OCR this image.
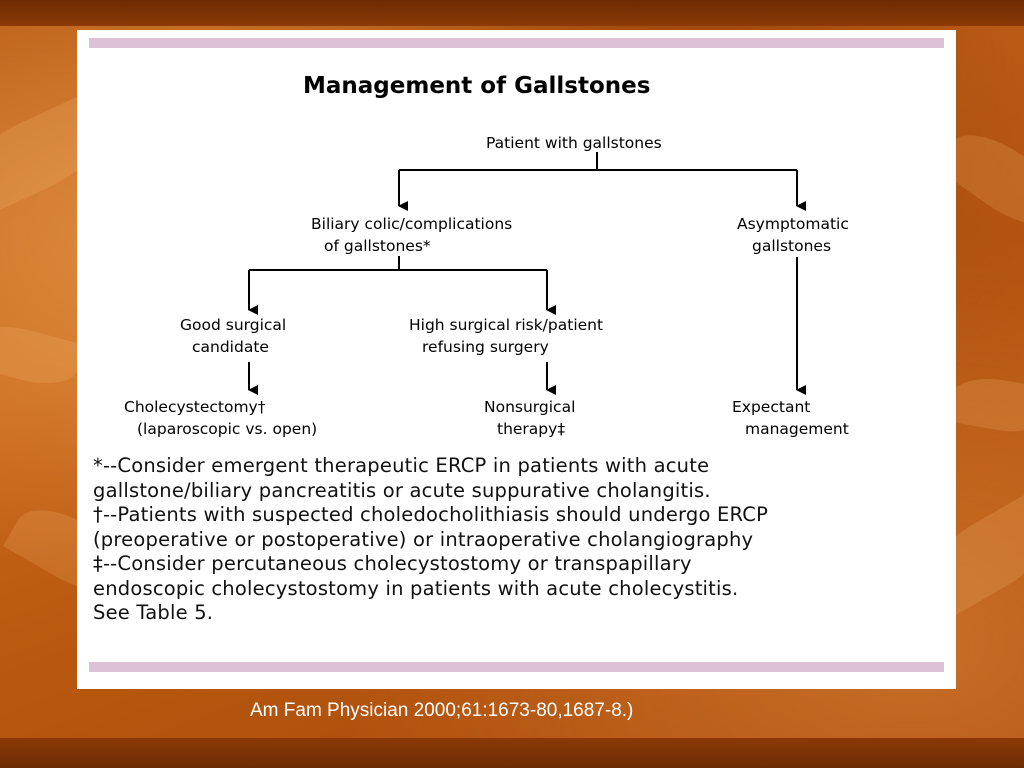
Management of Gallstones
Patient with gallstones
Biliary colic/complications of gallstones*
Asymptomatic gallstones
Good surgical candidate
High surgical risk/patient refusing surgery
Cholecystectomy† (laparoscopic vs. open)
Nonsurgical therapy‡
Expectant management
*--Consider emergent therapeutic ERCP in patients with acute
gallstone/biliary pancreatitis or acute suppurative cholangitis.
†--Patients with suspected choledocholithiasis should undergo ERCP
(preoperative or postoperative) or intraoperative cholangiography
‡--Consider percutaneous cholecystostomy or transpapillary
endoscopic cholecystostomy in patients with acute cholecystitis.
See Table 5.
Am Fam Physician 2000;61:1673-80,1687-8.)
